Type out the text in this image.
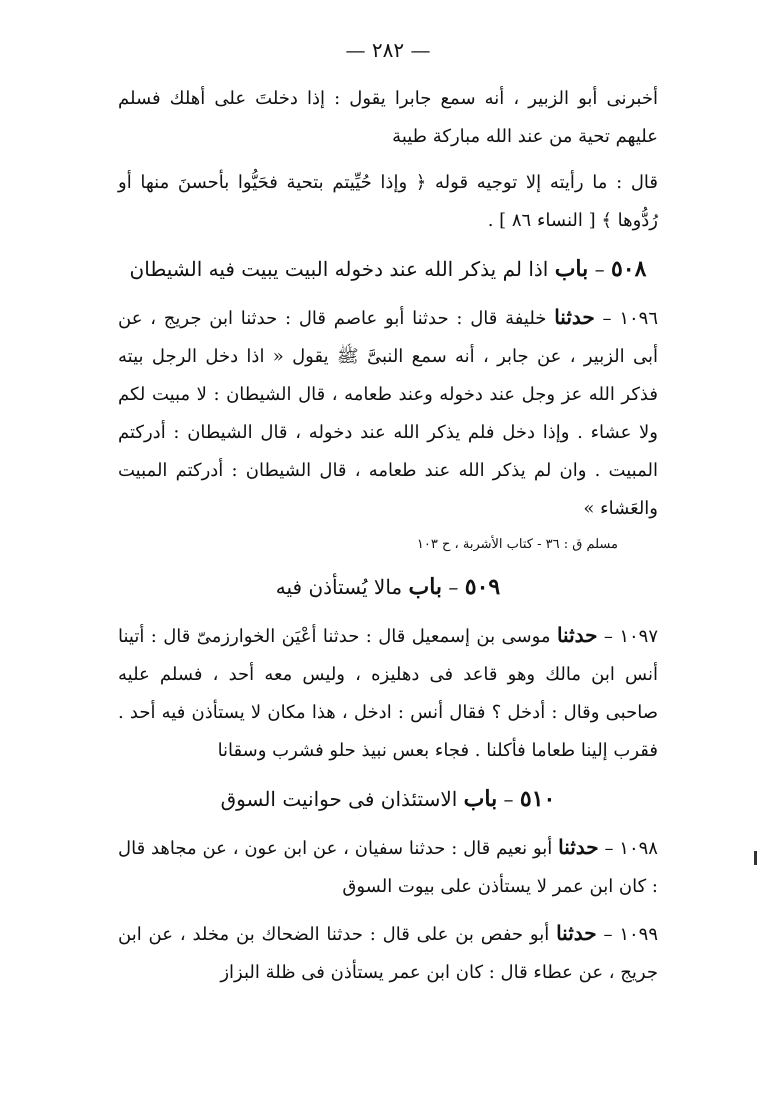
— ٢٨٢ —

أخبرنى أبو الزبير ، أنه سمع جابرا يقول : إذا دخلتَ على أهلك فسلم عليهم تحية من عند الله مباركة طيبة

قال : ما رأيته إلا توجيه قوله ﴿ وإذا حُيِّيتم بتحية فحَيُّوا بأحسنَ منها أو رُدُّوها ﴾ [ النساء ٨٦ ] .

٥٠٨ – باب اذا لم يذكر الله عند دخوله البيت يبيت فيه الشيطان

١٠٩٦ – حدثنا خليفة قال : حدثنا أبو عاصم قال : حدثنا ابن جريج ، عن أبى الزبير ، عن جابر ، أنه سمع النبىَّ ﷺ يقول « اذا دخل الرجل بيته فذكر الله عز وجل عند دخوله وعند طعامه ، قال الشيطان : لا مبيت لكم ولا عشاء . وإذا دخل فلم يذكر الله عند دخوله ، قال الشيطان : أدركتم المبيت . وان لم يذكر الله عند طعامه ، قال الشيطان : أدركتم المبيت والعَشاء »

مسلم ق : ٣٦ - كتاب الأشربة ، ح ١٠٣
٥٠٩ – باب مالا يُستأذن فيه

١٠٩٧ – حدثنا موسى بن إسمعيل قال : حدثنا أعْيَن الخوارزمىّ قال : أتينا أنس ابن مالك وهو قاعد فى دهليزه ، وليس معه أحد ، فسلم عليه صاحبى وقال : أدخل ؟ فقال أنس : ادخل ، هذا مكان لا يستأذن فيه أحد . فقرب إلينا طعاما فأكلنا . فجاء بعس نبيذ حلو فشرب وسقانا

٥١٠ – باب الاستئذان فى حوانيت السوق

١٠٩٨ – حدثنا أبو نعيم قال : حدثنا سفيان ، عن ابن عون ، عن مجاهد قال : كان ابن عمر لا يستأذن على بيوت السوق

١٠٩٩ – حدثنا أبو حفص بن على قال : حدثنا الضحاك بن مخلد ، عن ابن جريج ، عن عطاء قال : كان ابن عمر يستأذن فى ظلة البزاز
